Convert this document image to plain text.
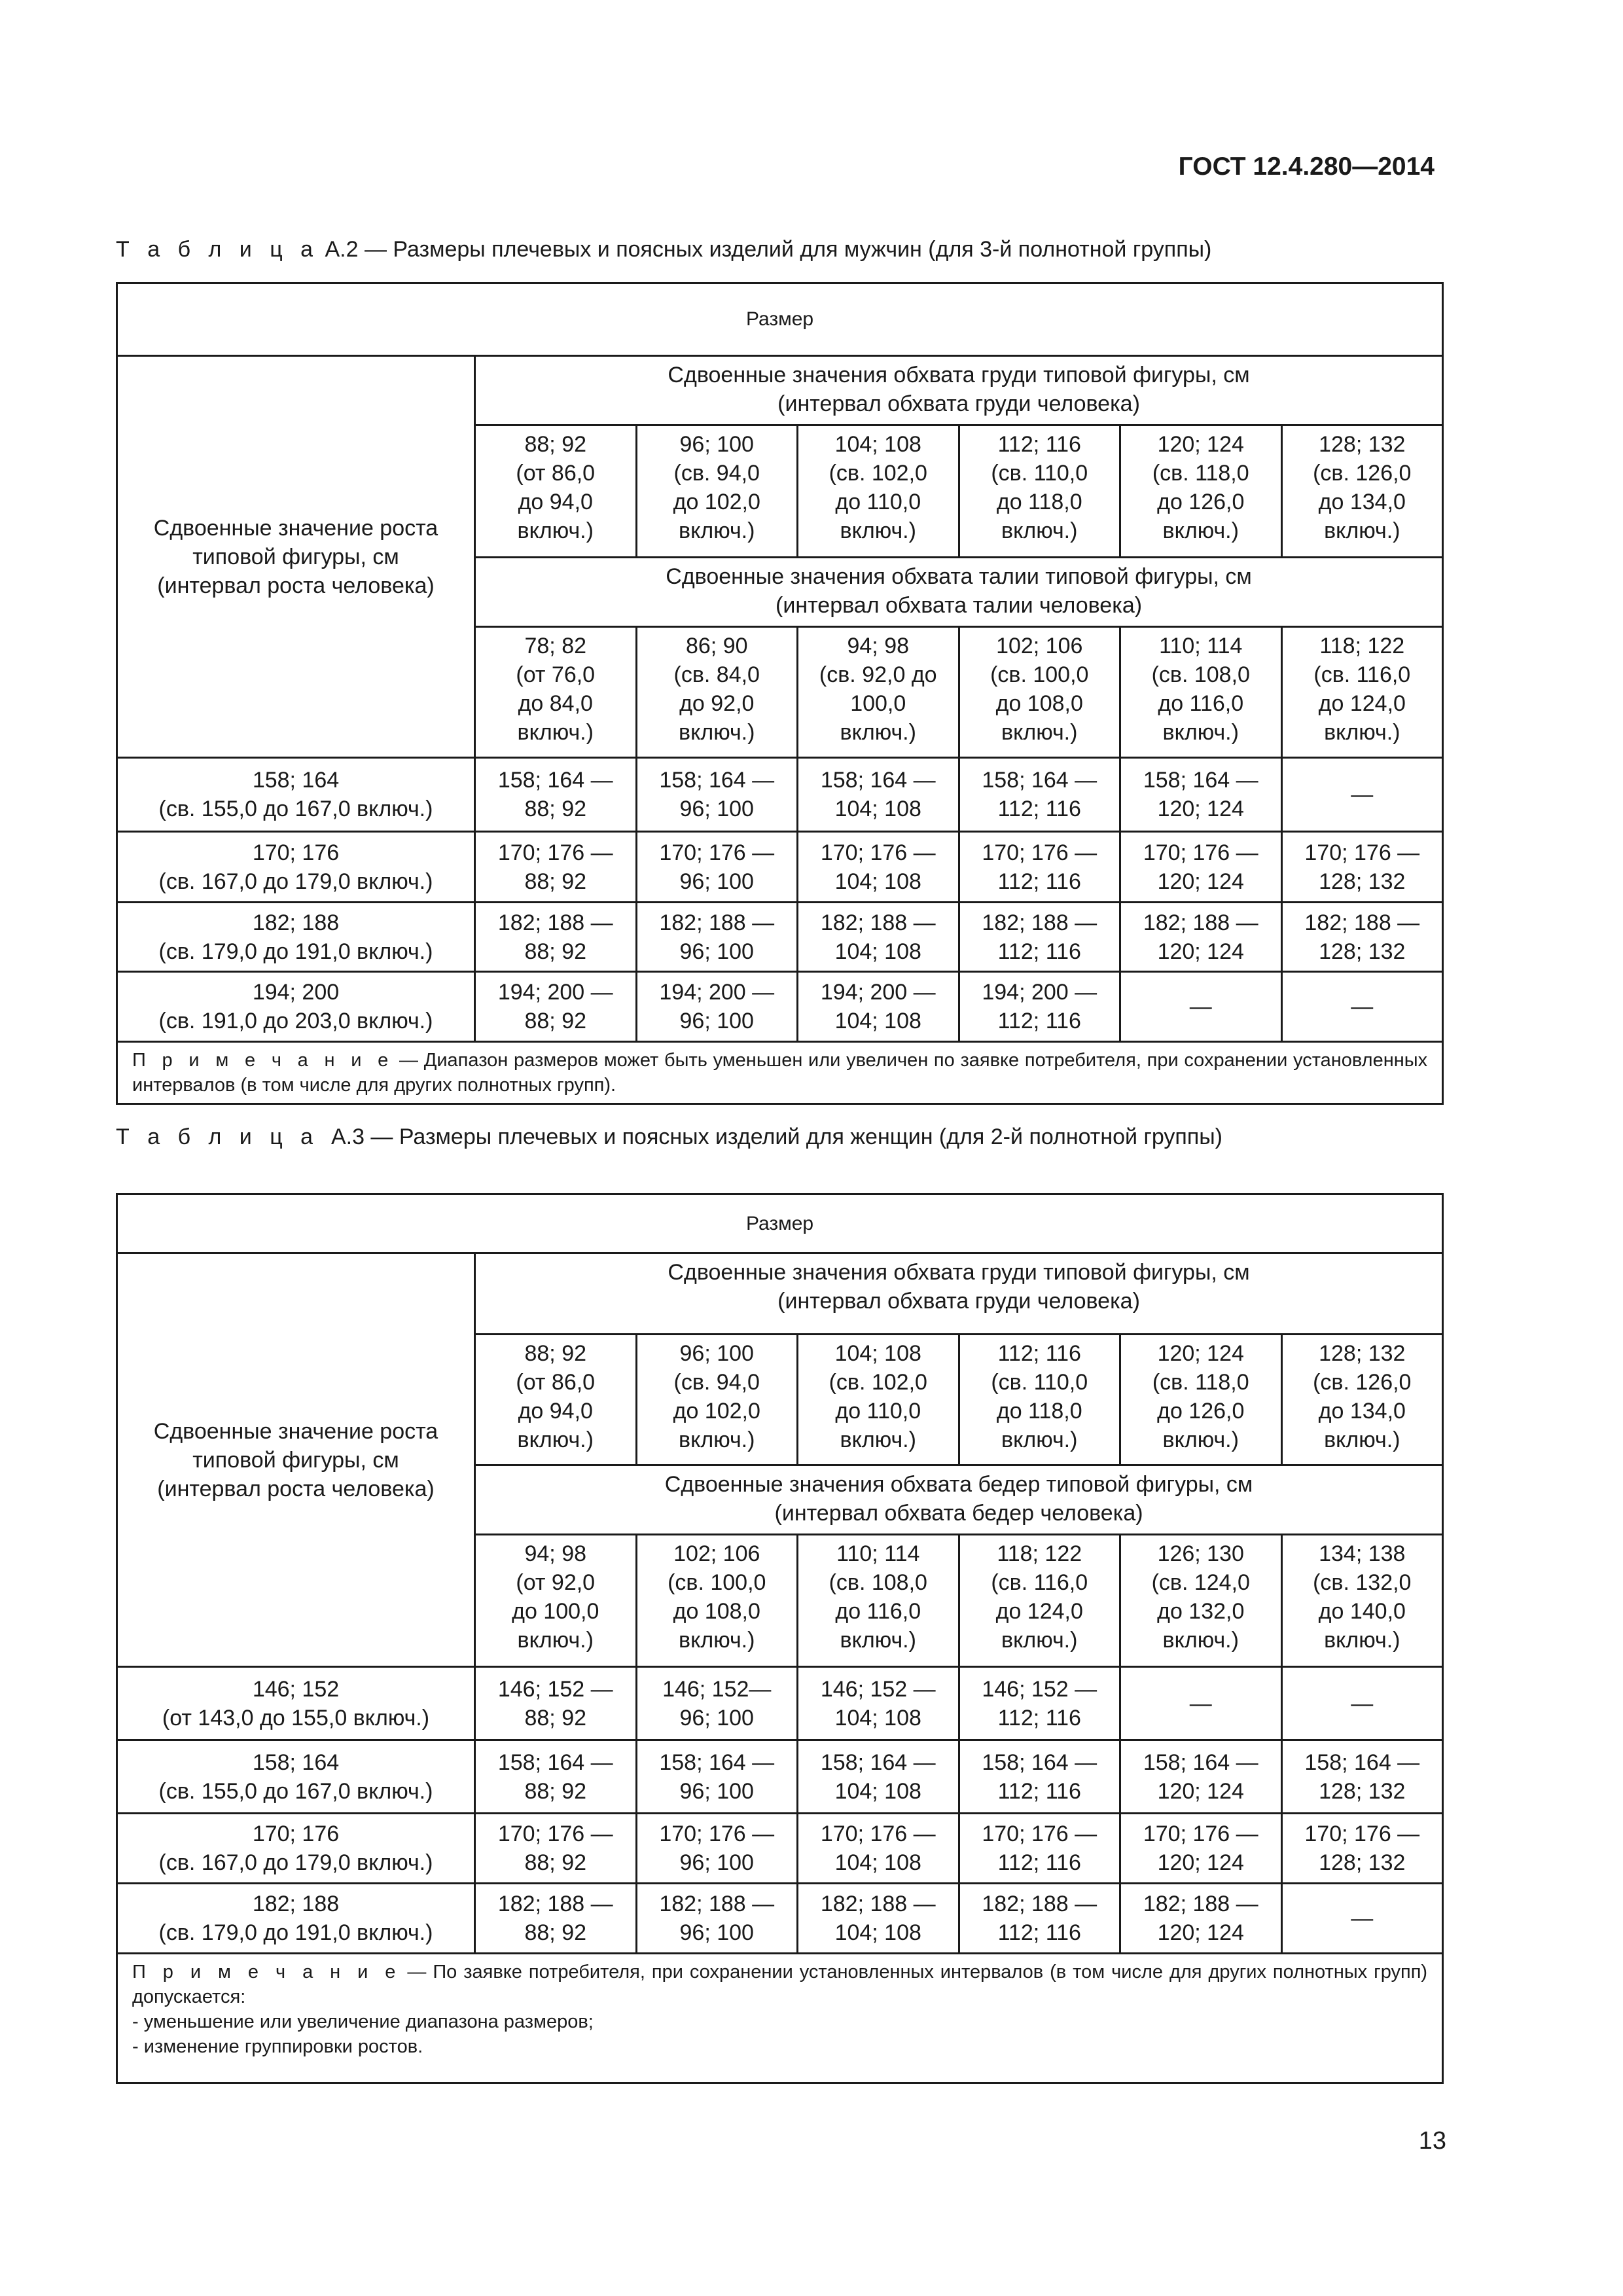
ГОСТ 12.4.280—2014
Т а б л и ц а А.2 — Размеры плечевых и поясных изделий для мужчин (для 3-й полнотной группы)
Размер						

Сдвоенные значение роста
типовой фигуры, см
(интервал роста человека)	Сдвоенные значения обхвата груди типовой фигуры, см
(интервал обхвата груди человека)					

	88; 92
(от 86,0
до 94,0
включ.)	96; 100
(св. 94,0
до 102,0
включ.)	104; 108
(св. 102,0
до 110,0
включ.)	112; 116
(св. 110,0
до 118,0
включ.)	120; 124
(св. 118,0
до 126,0
включ.)	128; 132
(св. 126,0
до 134,0
включ.)

	Сдвоенные значения обхвата талии типовой фигуры, см
(интервал обхвата талии человека)					

	78; 82
(от 76,0
до 84,0
включ.)	86; 90
(св. 84,0
до 92,0
включ.)	94; 98
(св. 92,0 до
100,0
включ.)	102; 106
(св. 100,0
до 108,0
включ.)	110; 114
(св. 108,0
до 116,0
включ.)	118; 122
(св. 116,0
до 124,0
включ.)

158; 164
(св. 155,0 до 167,0 включ.)	158; 164 —
88; 92	158; 164 —
96; 100	158; 164 —
104; 108	158; 164 —
112; 116	158; 164 —
120; 124	—

170; 176
(св. 167,0 до 179,0 включ.)	170; 176 —
88; 92	170; 176 —
96; 100	170; 176 —
104; 108	170; 176 —
112; 116	170; 176 —
120; 124	170; 176 —
128; 132

182; 188
(св. 179,0 до 191,0 включ.)	182; 188 —
88; 92	182; 188 —
96; 100	182; 188 —
104; 108	182; 188 —
112; 116	182; 188 —
120; 124	182; 188 —
128; 132

194; 200
(св. 191,0 до 203,0 включ.)	194; 200 —
88; 92	194; 200 —
96; 100	194; 200 —
104; 108	194; 200 —
112; 116	—	—

П р и м е ч а н и е — Диапазон размеров может быть уменьшен или увеличен по заявке потребителя, при сохранении установленных интервалов (в том числе для других полнотных групп).						
Т а б л и ц а  А.3 — Размеры плечевых и поясных изделий для женщин (для 2-й полнотной группы)
Размер						

Сдвоенные значение роста
типовой фигуры, см
(интервал роста человека)	Сдвоенные значения обхвата груди типовой фигуры, см
(интервал обхвата груди человека)					

	88; 92
(от 86,0
до 94,0
включ.)	96; 100
(св. 94,0
до 102,0
включ.)	104; 108
(св. 102,0
до 110,0
включ.)	112; 116
(св. 110,0
до 118,0
включ.)	120; 124
(св. 118,0
до 126,0
включ.)	128; 132
(св. 126,0
до 134,0
включ.)

	Сдвоенные значения обхвата бедер типовой фигуры, см
(интервал обхвата бедер человека)					

	94; 98
(от 92,0
до 100,0
включ.)	102; 106
(св. 100,0
до 108,0
включ.)	110; 114
(св. 108,0
до 116,0
включ.)	118; 122
(св. 116,0
до 124,0
включ.)	126; 130
(св. 124,0
до 132,0
включ.)	134; 138
(св. 132,0
до 140,0
включ.)

146; 152
(от 143,0 до 155,0 включ.)	146; 152 —
88; 92	146; 152—
96; 100	146; 152 —
104; 108	146; 152 —
112; 116	—	—

158; 164
(св. 155,0 до 167,0 включ.)	158; 164 —
88; 92	158; 164 —
96; 100	158; 164 —
104; 108	158; 164 —
112; 116	158; 164 —
120; 124	158; 164 —
128; 132

170; 176
(св. 167,0 до 179,0 включ.)	170; 176 —
88; 92	170; 176 —
96; 100	170; 176 —
104; 108	170; 176 —
112; 116	170; 176 —
120; 124	170; 176 —
128; 132

182; 188
(св. 179,0 до 191,0 включ.)	182; 188 —
88; 92	182; 188 —
96; 100	182; 188 —
104; 108	182; 188 —
112; 116	182; 188 —
120; 124	—

П р и м е ч а н и е — По заявке потребителя, при сохранении установленных интервалов (в том числе для других полнотных групп) допускается:
- уменьшение или увеличение диапазона размеров;
- изменение группировки ростов.						
13
